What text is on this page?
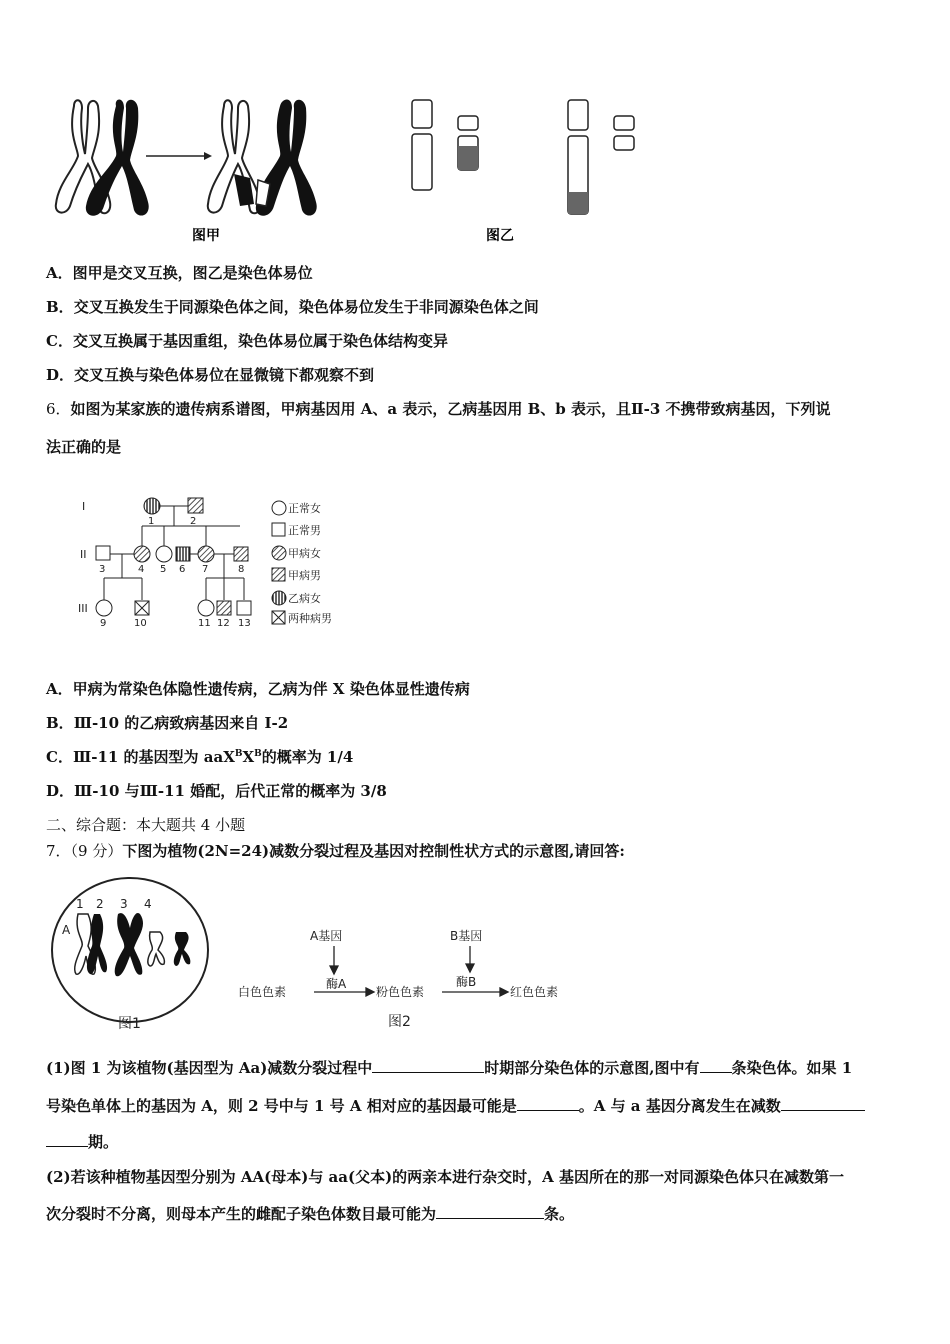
图甲	图乙
A．图甲是交叉互换，图乙是染色体易位
B．交叉互换发生于同源染色体之间，染色体易位发生于非同源染色体之间
C．交叉互换属于基因重组，染色体易位属于染色体结构变异
D．交叉互换与染色体易位在显微镜下都观察不到
6．如图为某家族的遗传病系谱图，甲病基因用 A、a 表示，乙病基因用 B、b 表示，且Ⅱ-3 不携带致病基因，下列说
法正确的是
I
II
III
1	2
3	4 5 6 7	8
9	10	11 12 13
正常女
正常男
甲病女
甲病男
乙病女
两种病男
A．甲病为常染色体隐性遗传病，乙病为伴 X 染色体显性遗传病
B．Ⅲ-10 的乙病致病基因来自 I-2
C．Ⅲ-11 的基因型为 $aaX^BX^B$的概率为 1/4
D．Ⅲ-10 与Ⅲ-11 婚配，后代正常的概率为 3/8
二、综合题：本大题共 4 小题
7．（9 分）下图为植物(2N=24)减数分裂过程及基因对控制性状方式的示意图,请回答:
1 2 3 4
A
图1
A基因	B基因
酶A	酶B
白色色素	粉色色素	红色色素
图2
(1)图 1 为该植物(基因型为 Aa)减数分裂过程中	时期部分染色体的示意图,图中有 条染色体。如果 1
号染色单体上的基因为 A，则 2 号中与 1 号 A 相对应的基因最可能是	。A 与 a 基因分离发生在减数
期。
(2)若该种植物基因型分别为 AA(母本)与 aa(父本)的两亲本进行杂交时，A 基因所在的那一对同源染色体只在减数第一
次分裂时不分离，则母本产生的雌配子染色体数目最可能为	条。
